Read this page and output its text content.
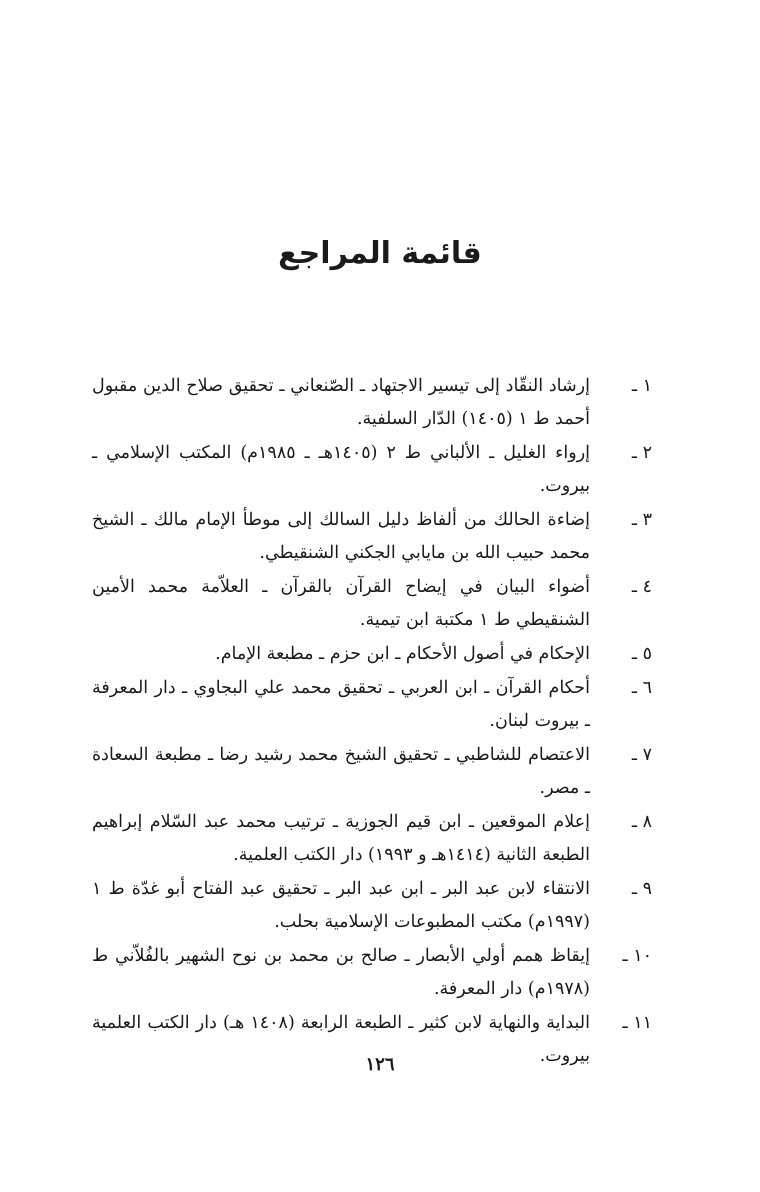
قائمة المراجع
١ ـ
إرشاد النقّاد إلى تيسير الاجتهاد ـ الصّنعاني ـ تحقيق صلاح الدين مقبول أحمد ط ١ (١٤٠٥) الدّار السلفية.
٢ ـ
إرواء الغليل ـ الألباني ط ٢ (١٤٠٥هـ ـ ١٩٨٥م) المكتب الإسلامي ـ بيروت.
٣ ـ
إضاءة الحالك من ألفاظ دليل السالك إلى موطأ الإمام مالك ـ الشيخ محمد حبيب الله بن مايابي الجكني الشنقيطي.
٤ ـ
أضواء البيان في إيضاح القرآن بالقرآن ـ العلاّمة محمد الأمين الشنقيطي ط ١ مكتبة ابن تيمية.
٥ ـ
الإحكام في أصول الأحكام ـ ابن حزم ـ مطبعة الإمام.
٦ ـ
أحكام القرآن ـ ابن العربي ـ تحقيق محمد علي البجاوي ـ دار المعرفة ـ بيروت لبنان.
٧ ـ
الاعتصام للشاطبي ـ تحقيق الشيخ محمد رشيد رضا ـ مطبعة السعادة ـ مصر.
٨ ـ
إعلام الموقعين ـ ابن قيم الجوزية ـ ترتيب محمد عبد السّلام إبراهيم الطبعة الثانية (١٤١٤هـ و ١٩٩٣) دار الكتب العلمية.
٩ ـ
الانتقاء لابن عبد البر ـ ابن عبد البر ـ تحقيق عبد الفتاح أبو غدّة ط ١ (١٩٩٧م) مكتب المطبوعات الإسلامية بحلب.
١٠ ـ
إيقاظ همم أولي الأبصار ـ صالح بن محمد بن نوح الشهير بالفُلاّني ط (١٩٧٨م) دار المعرفة.
١١ ـ
البداية والنهاية لابن كثير ـ الطبعة الرابعة (١٤٠٨ هـ) دار الكتب العلمية بيروت.
١٢٦
